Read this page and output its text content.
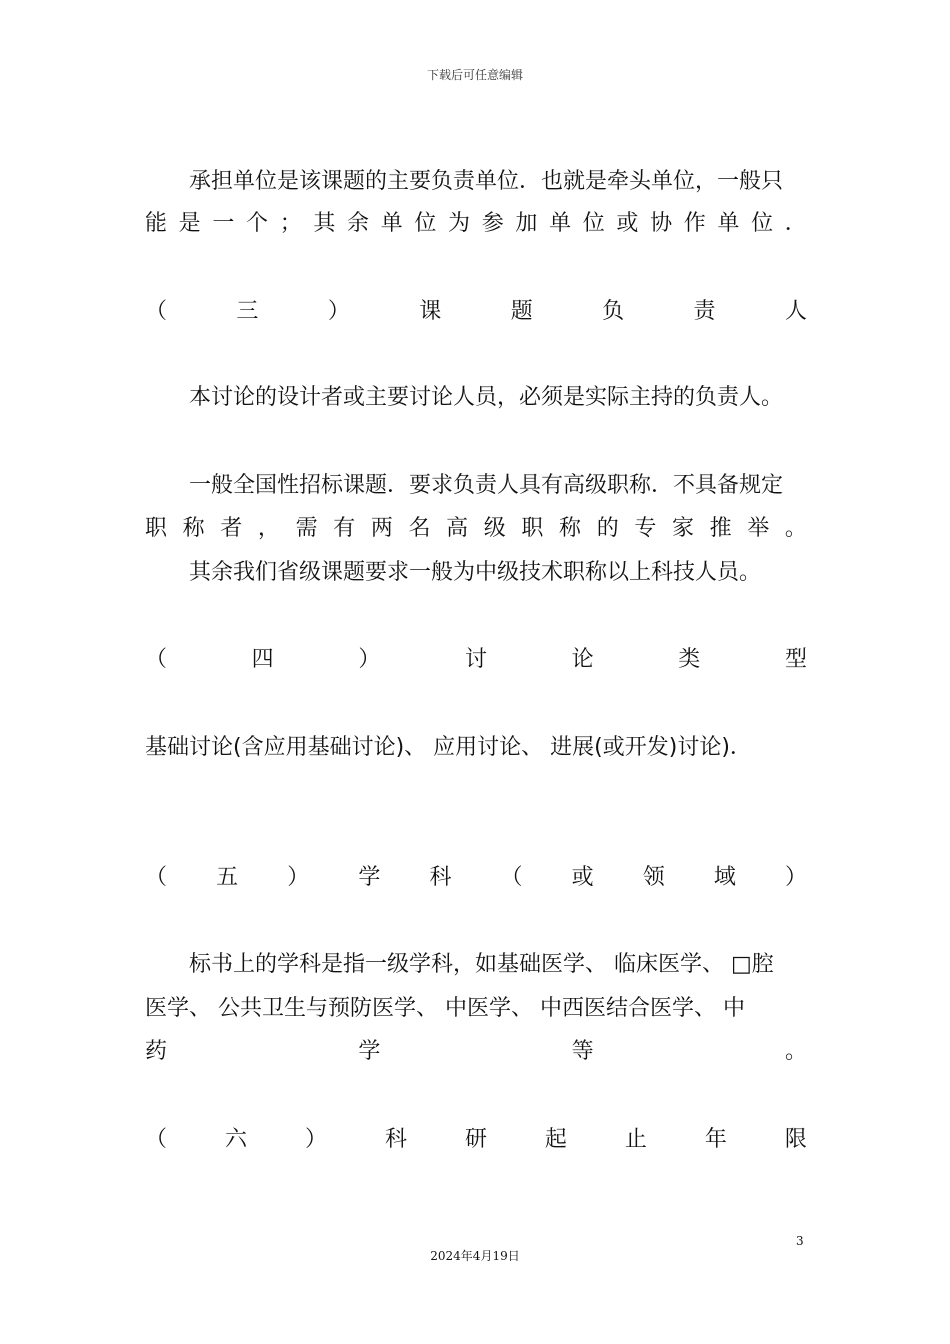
下载后可任意编辑
承担单位是该课题的主要负责单位．也就是牵头单位，一般只
能 是 一 个 ； 其 余 单 位 为 参 加 单 位 或 协 作 单 位 ．
（	三	）	课	题	负	责	人
本讨论的设计者或主要讨论人员，必须是实际主持的负责人。
一般全国性招标课题．要求负责人具有高级职称．不具备规定
职 称 者 ， 需 有 两 名 高 级 职 称 的 专 家 推 举 。
其余我们省级课题要求一般为中级技术职称以上科技人员。
（	四	）	讨	论	类	型
基础讨论(含应用基础讨论)、 应用讨论、 进展(或开发)讨论)．
（ 五 ） 学 科 （ 或 领 域 ）
标书上的学科是指一级学科，如基础医学、 临床医学、 □腔
医学、 公共卫生与预防医学、 中医学、 中西医结合医学、 中
药	学	等	。
（	六	）	科	研	起	止	年	限
3
2024年4月19日
